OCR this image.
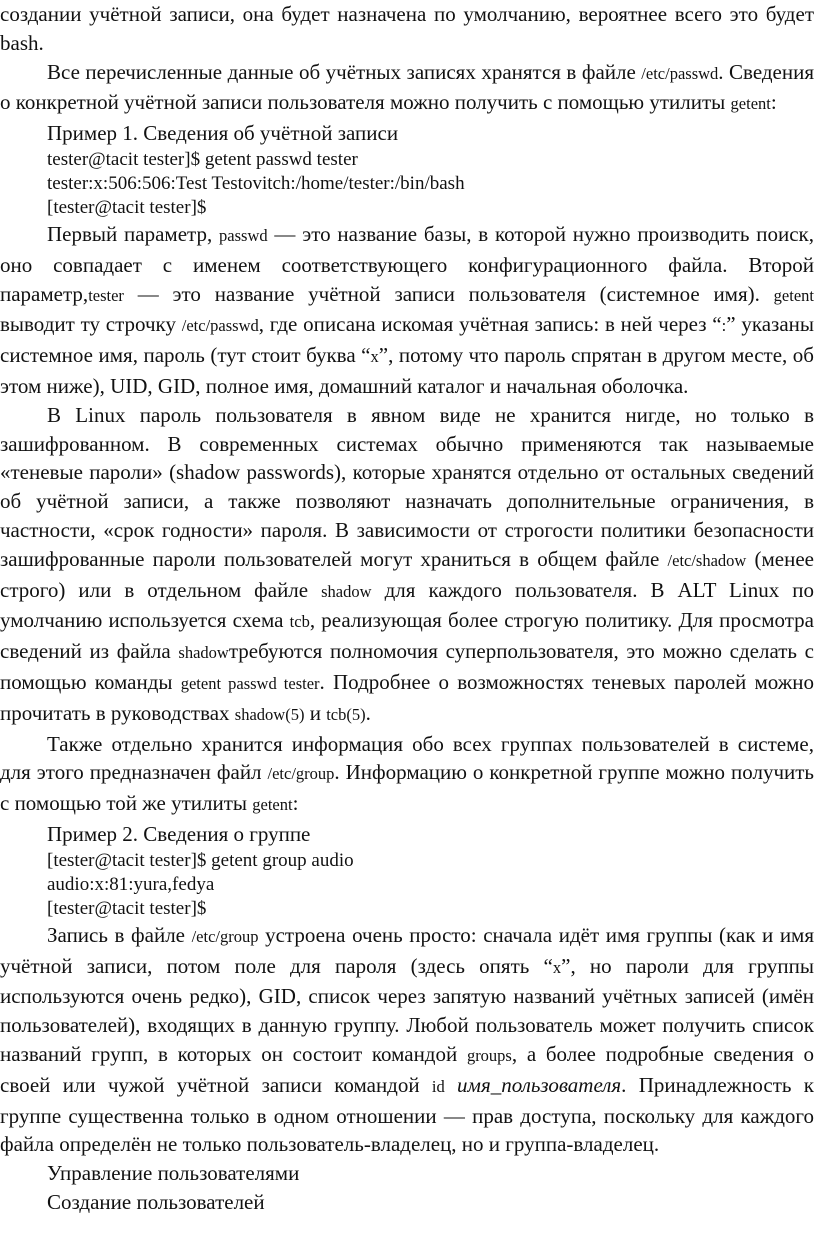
создании учётной записи, она будет назначена по умолчанию, вероятнее всего это будет bash.

Все перечисленные данные об учётных записях хранятся в файле /etc/passwd. Сведения о конкретной учётной записи пользователя можно получить с помощью утилиты getent:

Пример 1. Сведения об учётной записи
tester@tacit tester]$ getent passwd tester
tester:x:506:506:Test Testovitch:/home/tester:/bin/bash
[tester@tacit tester]$

Первый параметр, passwd — это название базы, в которой нужно производить поиск, оно совпадает с именем соответствующего конфигурационного файла. Второй параметр,tester — это название учётной записи пользователя (системное имя). getent выводит ту строчку /etc/passwd, где описана искомая учётная запись: в ней через “:” указаны системное имя, пароль (тут стоит буква “x”, потому что пароль спрятан в другом месте, об этом ниже), UID, GID, полное имя, домашний каталог и начальная оболочка.

В Linux пароль пользователя в явном виде не хранится нигде, но только в зашифрованном. В современных системах обычно применяются так называемые «теневые пароли» (shadow passwords), которые хранятся отдельно от остальных сведений об учётной записи, а также позволяют назначать дополнительные ограничения, в частности, «срок годности» пароля. В зависимости от строгости политики безопасности зашифрованные пароли пользователей могут храниться в общем файле /etc/shadow (менее строго) или в отдельном файле shadow для каждого пользователя. В ALT Linux по умолчанию используется схема tcb, реализующая более строгую политику. Для просмотра сведений из файла shadowтребуются полномочия суперпользователя, это можно сделать с помощью команды getent passwd tester. Подробнее о возможностях теневых паролей можно прочитать в руководствах shadow(5) и tcb(5).

Также отдельно хранится информация обо всех группах пользователей в системе, для этого предназначен файл /etc/group. Информацию о конкретной группе можно получить с помощью той же утилиты getent:

Пример 2. Сведения о группе
[tester@tacit tester]$ getent group audio
audio:x:81:yura,fedya
[tester@tacit tester]$

Запись в файле /etc/group устроена очень просто: сначала идёт имя группы (как и имя учётной записи, потом поле для пароля (здесь опять “x”, но пароли для группы используются очень редко), GID, список через запятую названий учётных записей (имён пользователей), входящих в данную группу. Любой пользователь может получить список названий групп, в которых он состоит командой groups, а более подробные сведения о своей или чужой учётной записи командой id имя_пользователя. Принадлежность к группе существенна только в одном отношении — прав доступа, поскольку для каждого файла определён не только пользователь-владелец, но и группа-владелец.

Управление пользователями
Создание пользователей
